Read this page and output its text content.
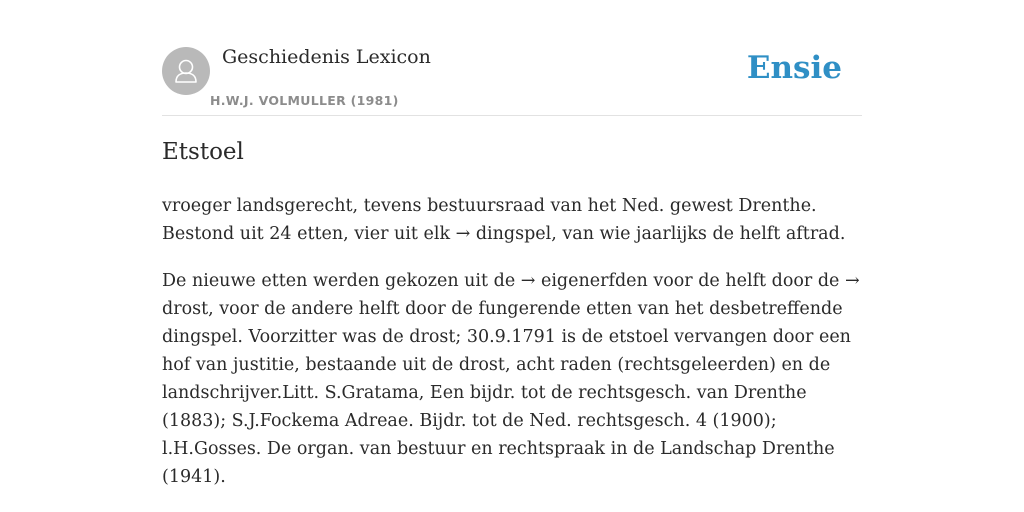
Geschiedenis Lexicon
H.W.J. VOLMULLER (1981)
Ensie
Etstoel

vroeger landsgerecht, tevens bestuursraad van het Ned. gewest Drenthe. Bestond uit 24 etten, vier uit elk → dingspel, van wie jaarlijks de helft aftrad.

De nieuwe etten werden gekozen uit de → eigenerfden voor de helft door de → drost, voor de andere helft door de fungerende etten van het desbetreffende dingspel. Voorzitter was de drost; 30.9.1791 is de etstoel vervangen door een hof van justitie, bestaande uit de drost, acht raden (rechtsgeleerden) en de landschrijver.Litt. S.Gratama, Een bijdr. tot de rechtsgesch. van Drenthe (1883); S.J.Fockema Adreae. Bijdr. tot de Ned. rechtsgesch. 4 (1900); l.H.Gosses. De organ. van bestuur en rechtspraak in de Landschap Drenthe (1941).
